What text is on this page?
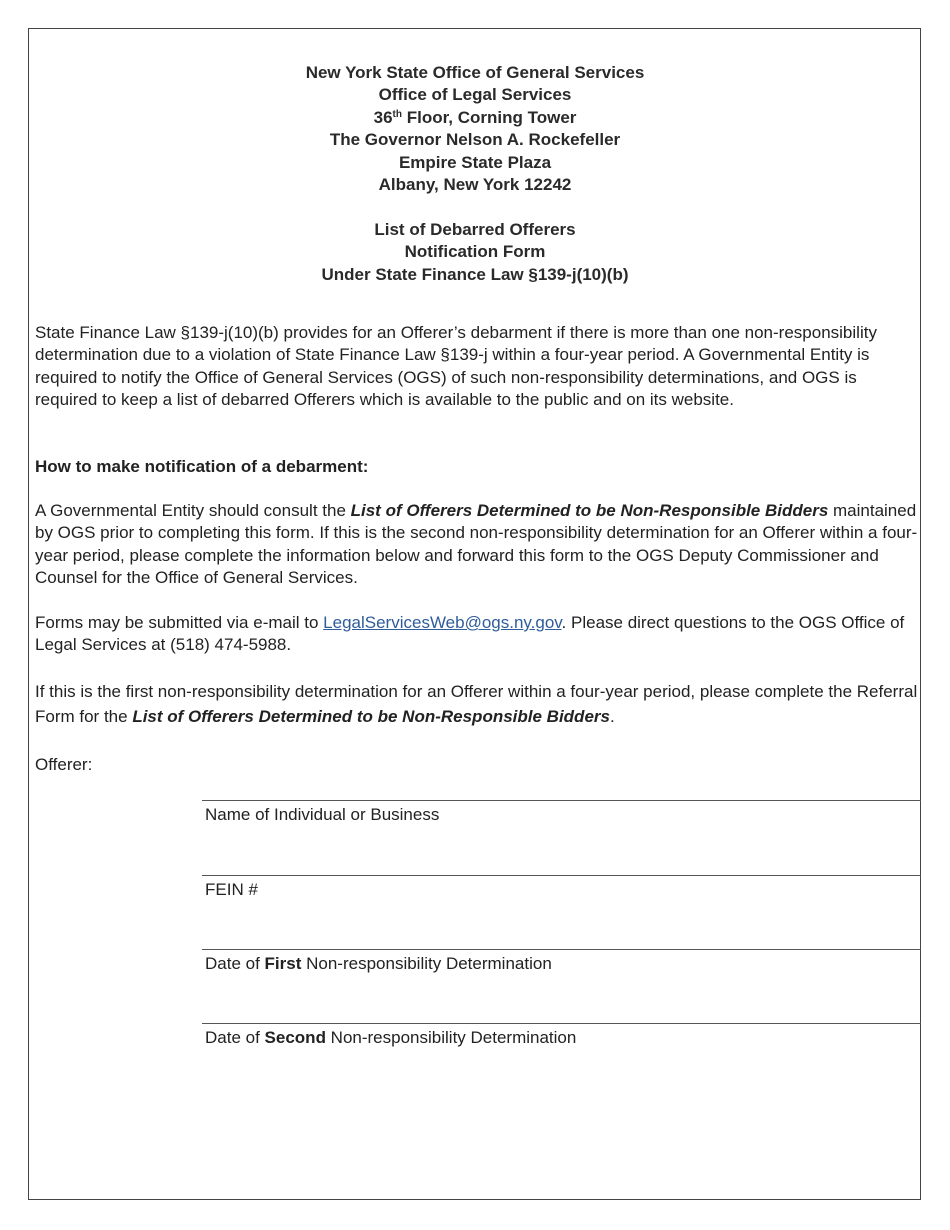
New York State Office of General Services
Office of Legal Services
36th Floor, Corning Tower
The Governor Nelson A. Rockefeller
Empire State Plaza
Albany, New York 12242
List of Debarred Offerers
Notification Form
Under State Finance Law §139-j(10)(b)
State Finance Law §139-j(10)(b) provides for an Offerer’s debarment if there is more than one non-responsibility determination due to a violation of State Finance Law §139-j within a four-year period. A Governmental Entity is required to notify the Office of General Services (OGS) of such non-responsibility determinations, and OGS is required to keep a list of debarred Offerers which is available to the public and on its website.
How to make notification of a debarment:
A Governmental Entity should consult the List of Offerers Determined to be Non-Responsible Bidders maintained by OGS prior to completing this form. If this is the second non-responsibility determination for an Offerer within a four-year period, please complete the information below and forward this form to the OGS Deputy Commissioner and Counsel for the Office of General Services.
Forms may be submitted via e-mail to LegalServicesWeb@ogs.ny.gov. Please direct questions to the OGS Office of Legal Services at (518) 474-5988.
If this is the first non-responsibility determination for an Offerer within a four-year period, please complete the Referral Form for the List of Offerers Determined to be Non-Responsible Bidders.
Offerer:
Name of Individual or Business
FEIN #
Date of First Non-responsibility Determination
Date of Second Non-responsibility Determination
